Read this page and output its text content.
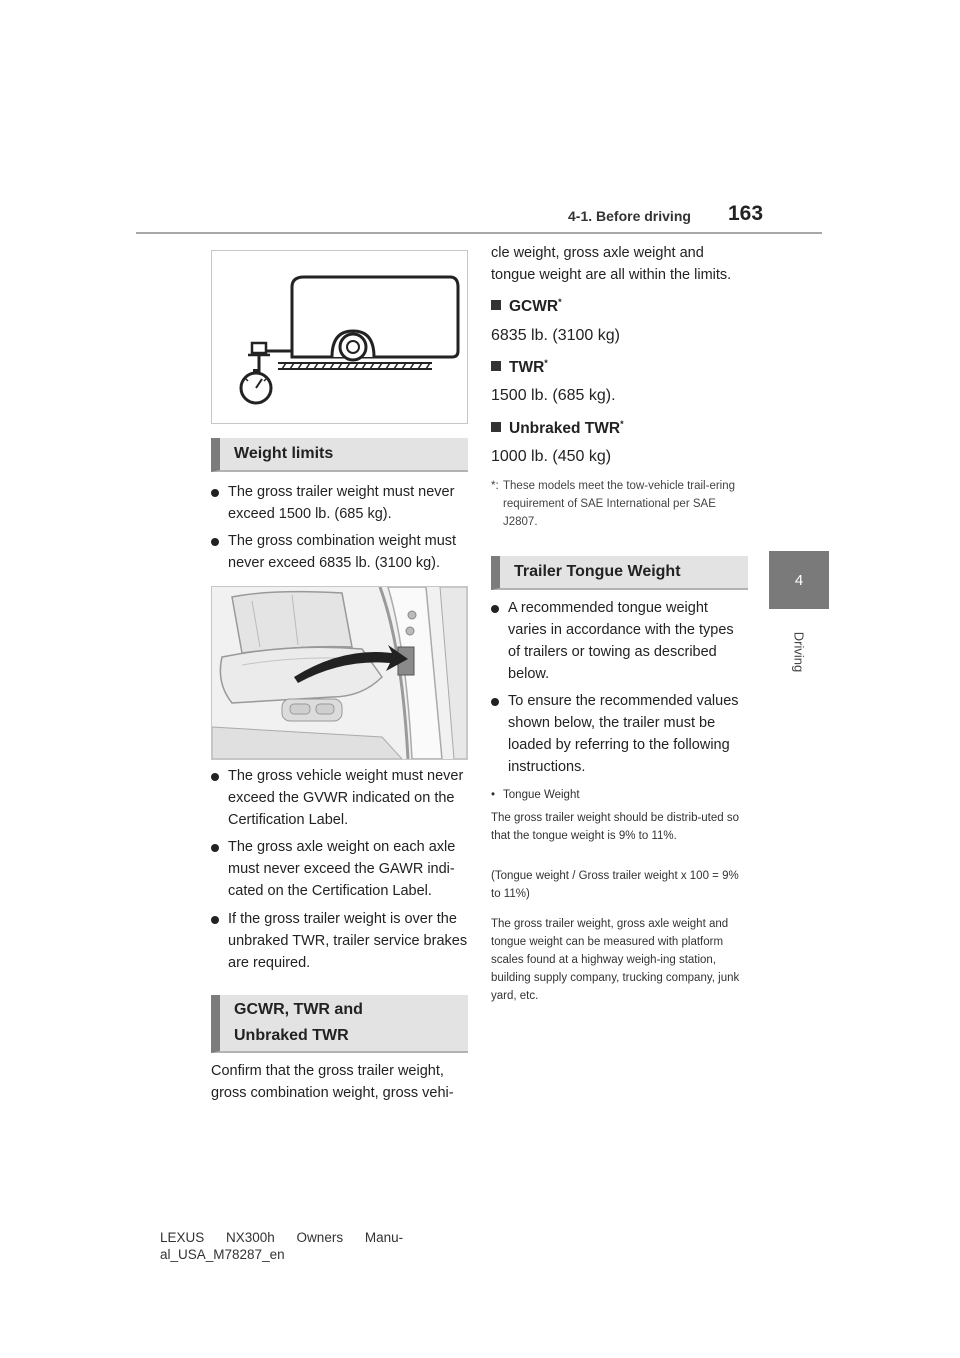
4-1. Before driving 163
4
Driving
Weight limits
The gross trailer weight must never exceed 1500 lb. (685 kg).
The gross combination weight must never exceed 6835 lb. (3100 kg).
The gross vehicle weight must never exceed the GVWR indicated on the Certification Label.
The gross axle weight on each axle must never exceed the GAWR indi-cated on the Certification Label.
If the gross trailer weight is over the unbraked TWR, trailer service brakes are required.
GCWR, TWR and Unbraked TWR
Confirm that the gross trailer weight, gross combination weight, gross vehi-
cle weight, gross axle weight and tongue weight are all within the limits.
GCWR*
6835 lb. (3100 kg)
TWR*
1500 lb. (685 kg).
Unbraked TWR*
1000 lb. (450 kg)
*: These models meet the tow-vehicle trail-ering requirement of SAE International per SAE J2807.
Trailer Tongue Weight
A recommended tongue weight varies in accordance with the types of trailers or towing as described below.
To ensure the recommended values shown below, the trailer must be loaded by referring to the following instructions.
• Tongue Weight
The gross trailer weight should be distrib-uted so that the tongue weight is 9% to 11%.
(Tongue weight / Gross trailer weight x 100 = 9% to 11%)
The gross trailer weight, gross axle weight and tongue weight can be measured with platform scales found at a highway weigh-ing station, building supply company, trucking company, junk yard, etc.
LEXUS NX300h Owners Manu-
al_USA_M78287_en
